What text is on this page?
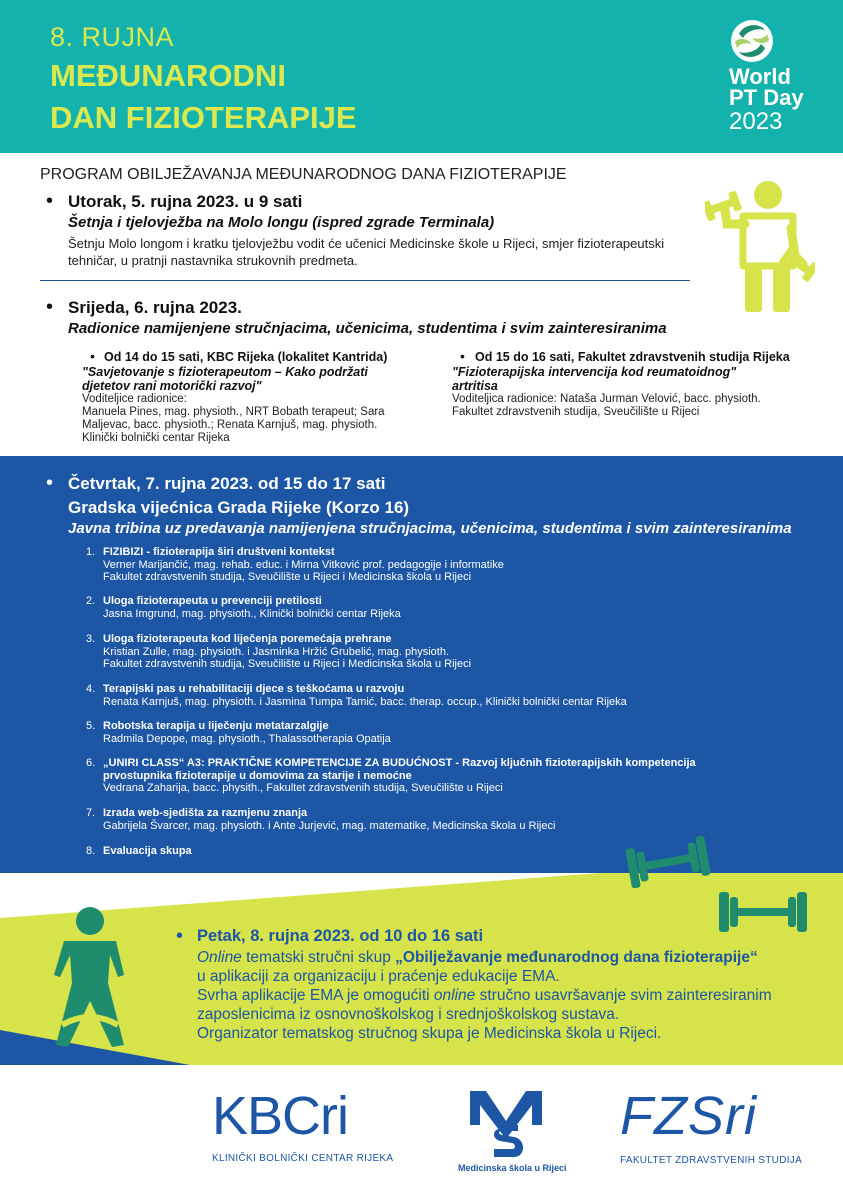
8. RUJNA
MEĐUNARODNI
DAN FIZIOTERAPIJE
World
PT Day
2023
PROGRAM OBILJEŽAVANJA MEĐUNARODNOG DANA FIZIOTERAPIJE
• Utorak, 5. rujna 2023. u 9 sati
Šetnja i tjelovježba na Molo longu (ispred zgrade Terminala)
Šetnju Molo longom i kratku tjelovježbu vodit će učenici Medicinske škole u Rijeci, smjer fizioterapeutski
tehničar, u pratnji nastavnika strukovnih predmeta.
• Srijeda, 6. rujna 2023.
Radionice namijenjene stručnjacima, učenicima, studentima i svim zainteresiranima
• Od 14 do 15 sati, KBC Rijeka (lokalitet Kantrida)
"Savjetovanje s fizioterapeutom – Kako podržati
djetetov rani motorički razvoj"
Voditeljice radionice:
Manuela Pines, mag. physioth., NRT Bobath terapeut; Sara
Maljevac, bacc. physioth.; Renata Karnjuš, mag. physioth.
Klinički bolnički centar Rijeka
• Od 15 do 16 sati, Fakultet zdravstvenih studija Rijeka
"Fizioterapijska intervencija kod reumatoidnog"
artritisa
Voditeljica radionice: Nataša Jurman Velović, bacc. physioth.
Fakultet zdravstvenih studija, Sveučilište u Rijeci
• Četvrtak, 7. rujna 2023. od 15 do 17 sati
Gradska vijećnica Grada Rijeke (Korzo 16)
Javna tribina uz predavanja namijenjena stručnjacima, učenicima, studentima i svim zainteresiranima
1. FIZIBIZI - fizioterapija širi društveni kontekst
Verner Marijančić, mag. rehab. educ. i Mirna Vitković prof. pedagogije i informatike
Fakultet zdravstvenih studija, Sveučilište u Rijeci i Medicinska škola u Rijeci
2. Uloga fizioterapeuta u prevenciji pretilosti
Jasna Imgrund, mag. physioth., Klinički bolnički centar Rijeka
3. Uloga fizioterapeuta kod liječenja poremećaja prehrane
Kristian Zulle, mag. physioth. i Jasminka Hržić Grubelić, mag. physioth.
Fakultet zdravstvenih studija, Sveučilište u Rijeci i Medicinska škola u Rijeci
4. Terapijski pas u rehabilitaciji djece s teškoćama u razvoju
Renata Karnjuš, mag. physioth. i Jasmina Tumpa Tamić, bacc. therap. occup., Klinički bolnički centar Rijeka
5. Robotska terapija u liječenju metatarzalgije
Radmila Depope, mag. physioth., Thalassotherapia Opatija
6. „UNIRI CLASS“ A3: PRAKTIČNE KOMPETENCIJE ZA BUDUĆNOST - Razvoj ključnih fizioterapijskih kompetencija
prvostupnika fizioterapije u domovima za starije i nemoćne
Vedrana Zaharija, bacc. physith., Fakultet zdravstvenih studija, Sveučilište u Rijeci
7. Izrada web-sjedišta za razmjenu znanja
Gabrijela Švarcer, mag. physioth. i Ante Jurjević, mag. matematike, Medicinska škola u Rijeci
8. Evaluacija skupa
• Petak, 8. rujna 2023. od 10 do 16 sati
Online tematski stručni skup „Obilježavanje međunarodnog dana fizioterapije“
u aplikaciji za organizaciju i praćenje edukacije EMA.
Svrha aplikacije EMA je omogućiti online stručno usavršavanje svim zainteresiranim
zaposlenicima iz osnovnoškolskog i srednjoškolskog sustava.
Organizator tematskog stručnog skupa je Medicinska škola u Rijeci.
KBCri
KLINIČKI BOLNIČKI CENTAR RIJEKA
Medicinska škola u Rijeci
FZSri
FAKULTET ZDRAVSTVENIH STUDIJA
